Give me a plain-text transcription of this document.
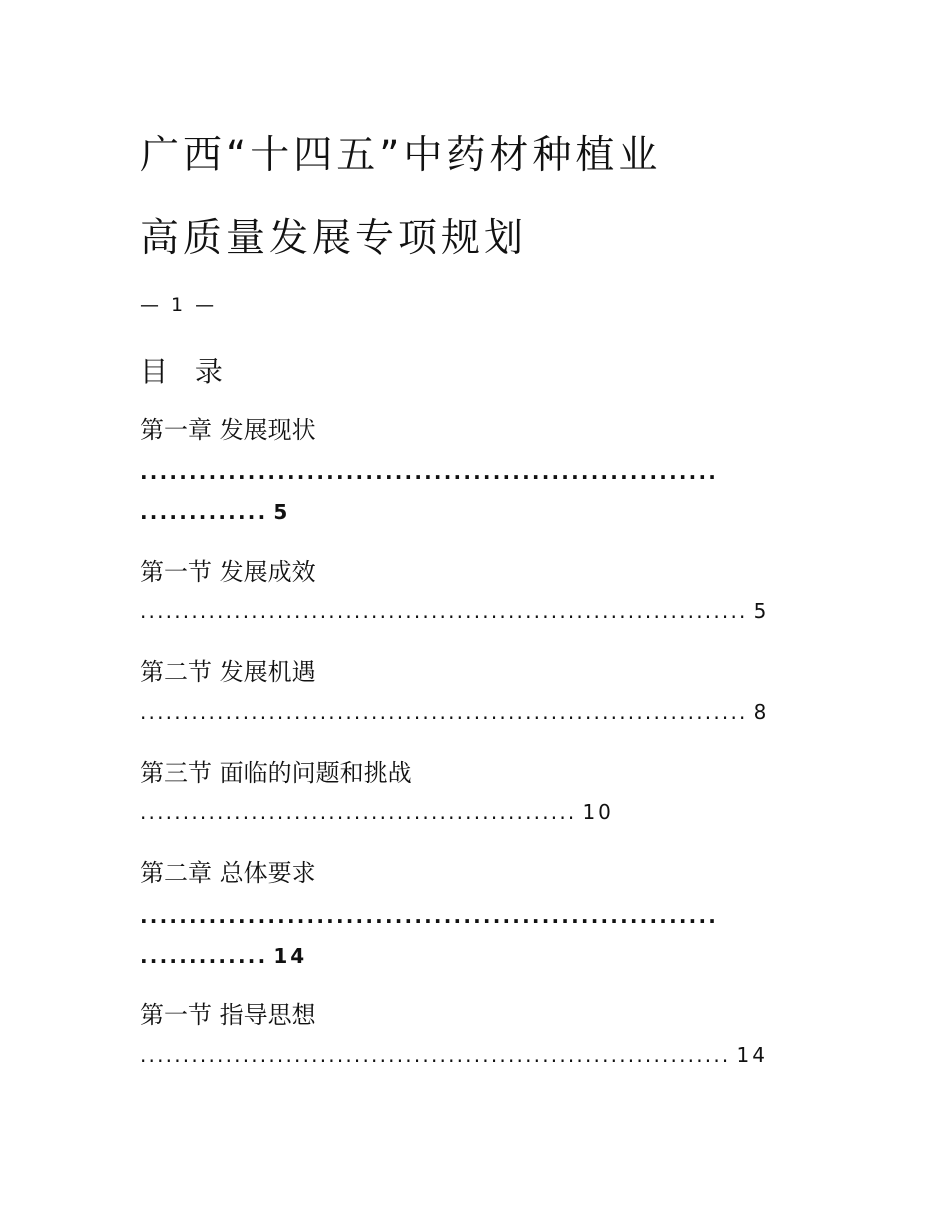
广西“十四五”中药材种植业
高质量发展专项规划
— 1 —
目 录
第一章 发展现状
...........................................................
............. 5
第一节 发展成效
....................................................................... 5
第二节 发展机遇
....................................................................... 8
第三节 面临的问题和挑战
................................................... 10
第二章 总体要求
...........................................................
............. 14
第一节 指导思想
..................................................................... 14
